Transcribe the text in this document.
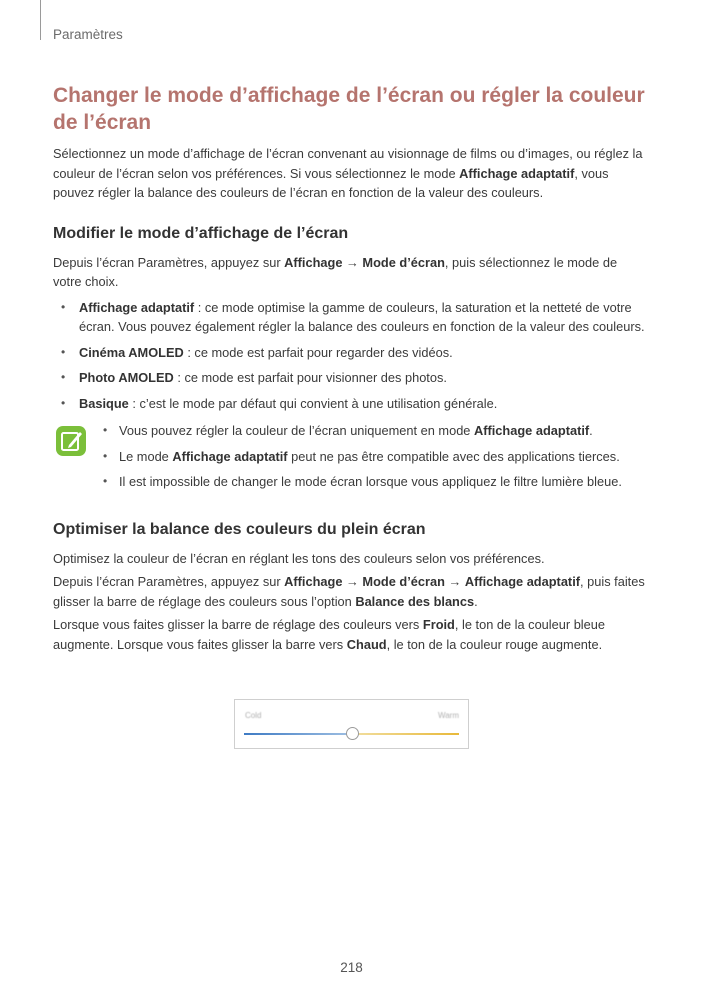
Paramètres
Changer le mode d’affichage de l’écran ou régler la couleur de l’écran

Sélectionnez un mode d’affichage de l’écran convenant au visionnage de films ou d’images, ou réglez la couleur de l’écran selon vos préférences. Si vous sélectionnez le mode Affichage adaptatif, vous pouvez régler la balance des couleurs de l’écran en fonction de la valeur des couleurs.

Modifier le mode d’affichage de l’écran

Depuis l’écran Paramètres, appuyez sur Affichage → Mode d’écran, puis sélectionnez le mode de votre choix.

• Affichage adaptatif : ce mode optimise la gamme de couleurs, la saturation et la netteté de votre écran. Vous pouvez également régler la balance des couleurs en fonction de la valeur des couleurs.
• Cinéma AMOLED : ce mode est parfait pour regarder des vidéos.
• Photo AMOLED : ce mode est parfait pour visionner des photos.
• Basique : c’est le mode par défaut qui convient à une utilisation générale.
• Vous pouvez régler la couleur de l’écran uniquement en mode Affichage adaptatif.
• Le mode Affichage adaptatif peut ne pas être compatible avec des applications tierces.
• Il est impossible de changer le mode écran lorsque vous appliquez le filtre lumière bleue.
Optimiser la balance des couleurs du plein écran

Optimisez la couleur de l’écran en réglant les tons des couleurs selon vos préférences.

Depuis l’écran Paramètres, appuyez sur Affichage → Mode d’écran → Affichage adaptatif, puis faites glisser la barre de réglage des couleurs sous l’option Balance des blancs.

Lorsque vous faites glisser la barre de réglage des couleurs vers Froid, le ton de la couleur bleue augmente. Lorsque vous faites glisser la barre vers Chaud, le ton de la couleur rouge augmente.

Cold	Warm
218
